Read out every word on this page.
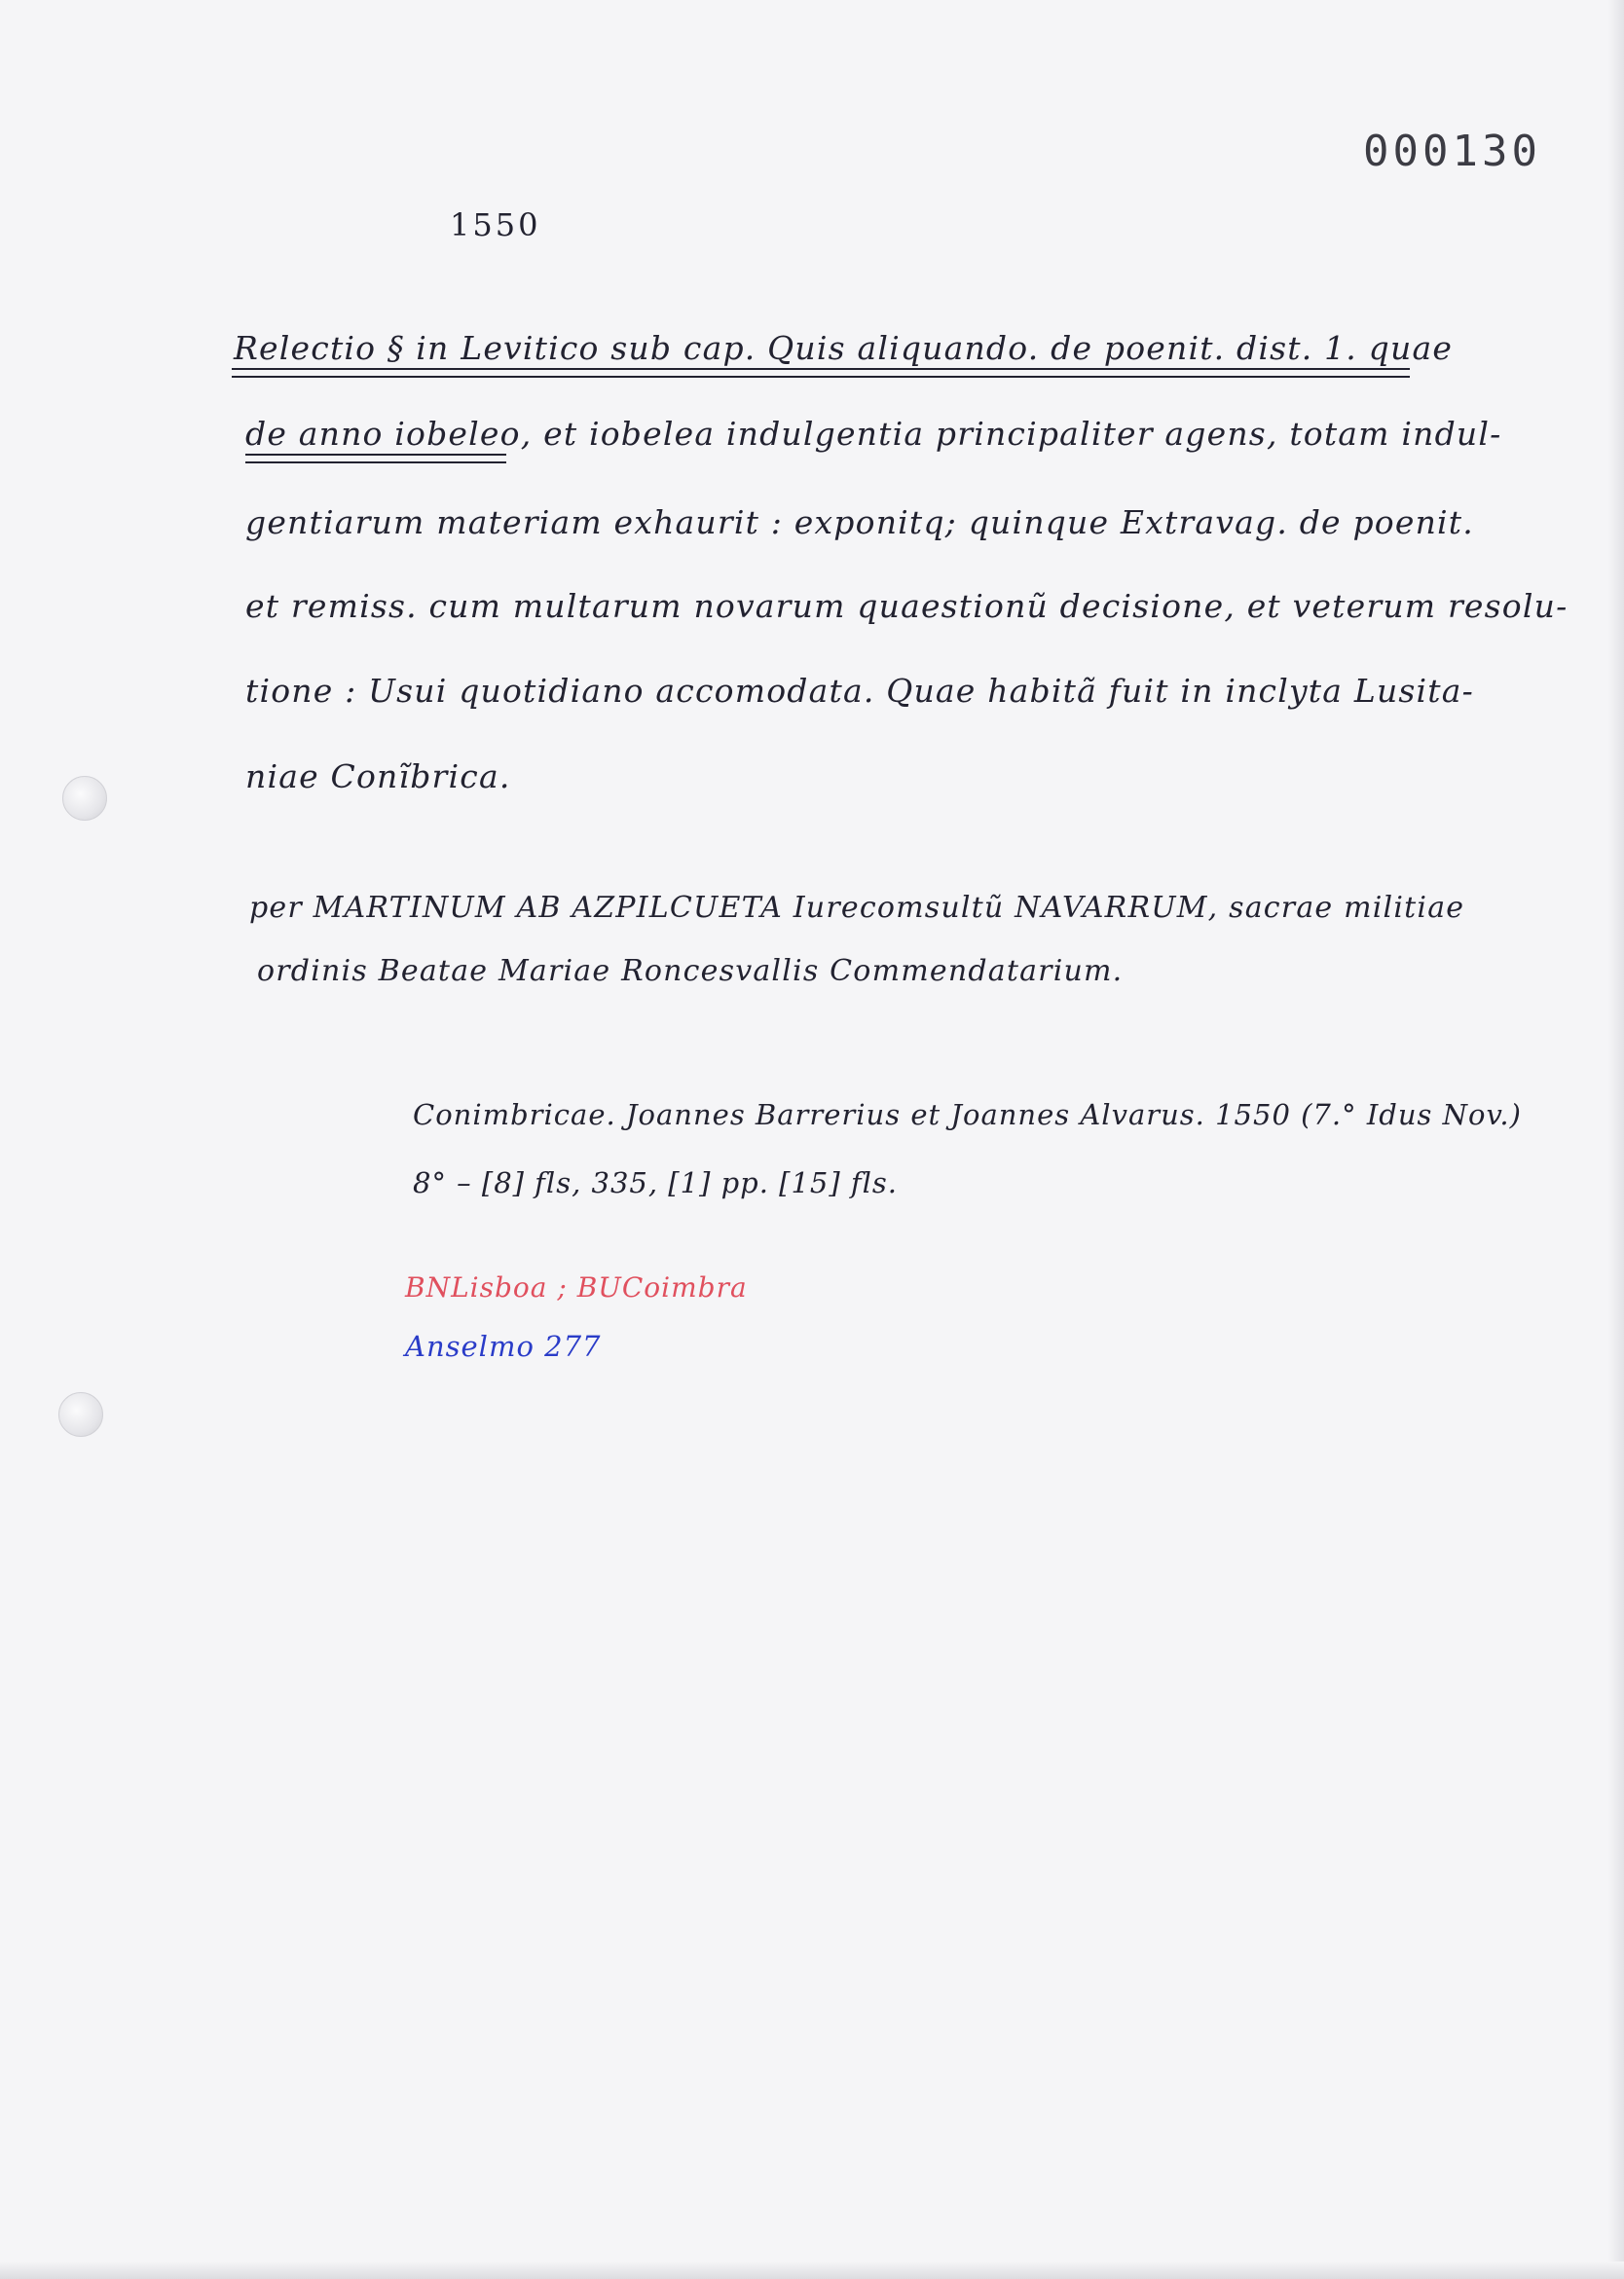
000130
1550
Relectio § in Levitico sub cap. Quis aliquando. de poenit. dist. 1. quae
de anno iobeleo, et iobelea indulgentia principaliter agens, totam indul-
gentiarum materiam exhaurit : exponitq; quinque Extravag. de poenit.
et remiss. cum multarum novarum quaestionũ decisione, et veterum resolu-
tione : Usui quotidiano accomodata. Quae habitã fuit in inclyta Lusita-
niae Conĩbrica.
per MARTINUM AB AZPILCUETA Iurecomsultũ NAVARRUM, sacrae militiae
ordinis Beatae Mariae Roncesvallis Commendatarium.
Conimbricae. Joannes Barrerius et Joannes Alvarus. 1550 (7.° Idus Nov.)
8° – [8] fls, 335, [1] pp. [15] fls.
BNLisboa ; BUCoimbra
Anselmo 277
